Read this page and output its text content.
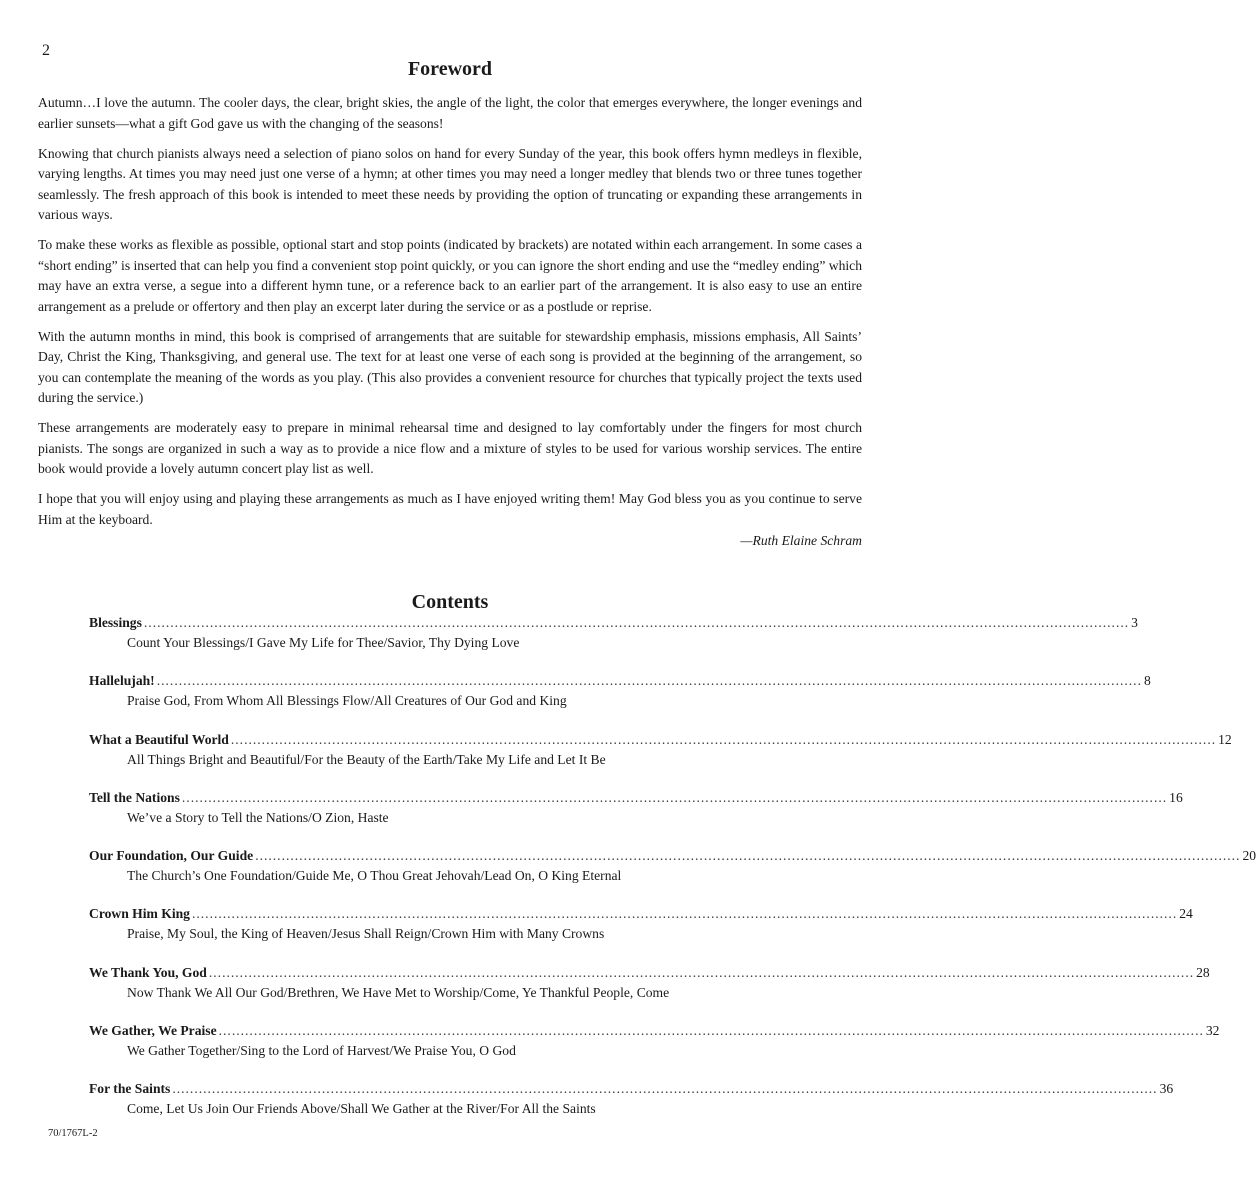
2
Foreword

Autumn…I love the autumn. The cooler days, the clear, bright skies, the angle of the light, the color that emerges everywhere, the longer evenings and earlier sunsets—what a gift God gave us with the changing of the seasons!

Knowing that church pianists always need a selection of piano solos on hand for every Sunday of the year, this book offers hymn medleys in flexible, varying lengths. At times you may need just one verse of a hymn; at other times you may need a longer medley that blends two or three tunes together seamlessly. The fresh approach of this book is intended to meet these needs by providing the option of truncating or expanding these arrangements in various ways.

To make these works as flexible as possible, optional start and stop points (indicated by brackets) are notated within each arrangement. In some cases a “short ending” is inserted that can help you find a convenient stop point quickly, or you can ignore the short ending and use the “medley ending” which may have an extra verse, a segue into a different hymn tune, or a reference back to an earlier part of the arrangement. It is also easy to use an entire arrangement as a prelude or offertory and then play an excerpt later during the service or as a postlude or reprise.

With the autumn months in mind, this book is comprised of arrangements that are suitable for stewardship emphasis, missions emphasis, All Saints’ Day, Christ the King, Thanksgiving, and general use. The text for at least one verse of each song is provided at the beginning of the arrangement, so you can contemplate the meaning of the words as you play. (This also provides a convenient resource for churches that typically project the texts used during the service.)

These arrangements are moderately easy to prepare in minimal rehearsal time and designed to lay comfortably under the fingers for most church pianists. The songs are organized in such a way as to provide a nice flow and a mixture of styles to be used for various worship services. The entire book would provide a lovely autumn concert play list as well.

I hope that you will enjoy using and playing these arrangements as much as I have enjoyed writing them! May God bless you as you continue to serve Him at the keyboard.

—Ruth Elaine Schram
Contents
Blessings ................................................................................................................................................................................................................................ 3
Count Your Blessings/I Gave My Life for Thee/Savior, Thy Dying Love
Hallelujah! ................................................................................................................................................................................................................................ 8
Praise God, From Whom All Blessings Flow/All Creatures of Our God and King
What a Beautiful World ................................................................................................................................................................................................................................ 12
All Things Bright and Beautiful/For the Beauty of the Earth/Take My Life and Let It Be
Tell the Nations ................................................................................................................................................................................................................................ 16
We’ve a Story to Tell the Nations/O Zion, Haste
Our Foundation, Our Guide ................................................................................................................................................................................................................................ 20
The Church’s One Foundation/Guide Me, O Thou Great Jehovah/Lead On, O King Eternal
Crown Him King ................................................................................................................................................................................................................................ 24
Praise, My Soul, the King of Heaven/Jesus Shall Reign/Crown Him with Many Crowns
We Thank You, God ................................................................................................................................................................................................................................ 28
Now Thank We All Our God/Brethren, We Have Met to Worship/Come, Ye Thankful People, Come
We Gather, We Praise ................................................................................................................................................................................................................................ 32
We Gather Together/Sing to the Lord of Harvest/We Praise You, O God
For the Saints ................................................................................................................................................................................................................................ 36
Come, Let Us Join Our Friends Above/Shall We Gather at the River/For All the Saints
70/1767L-2
